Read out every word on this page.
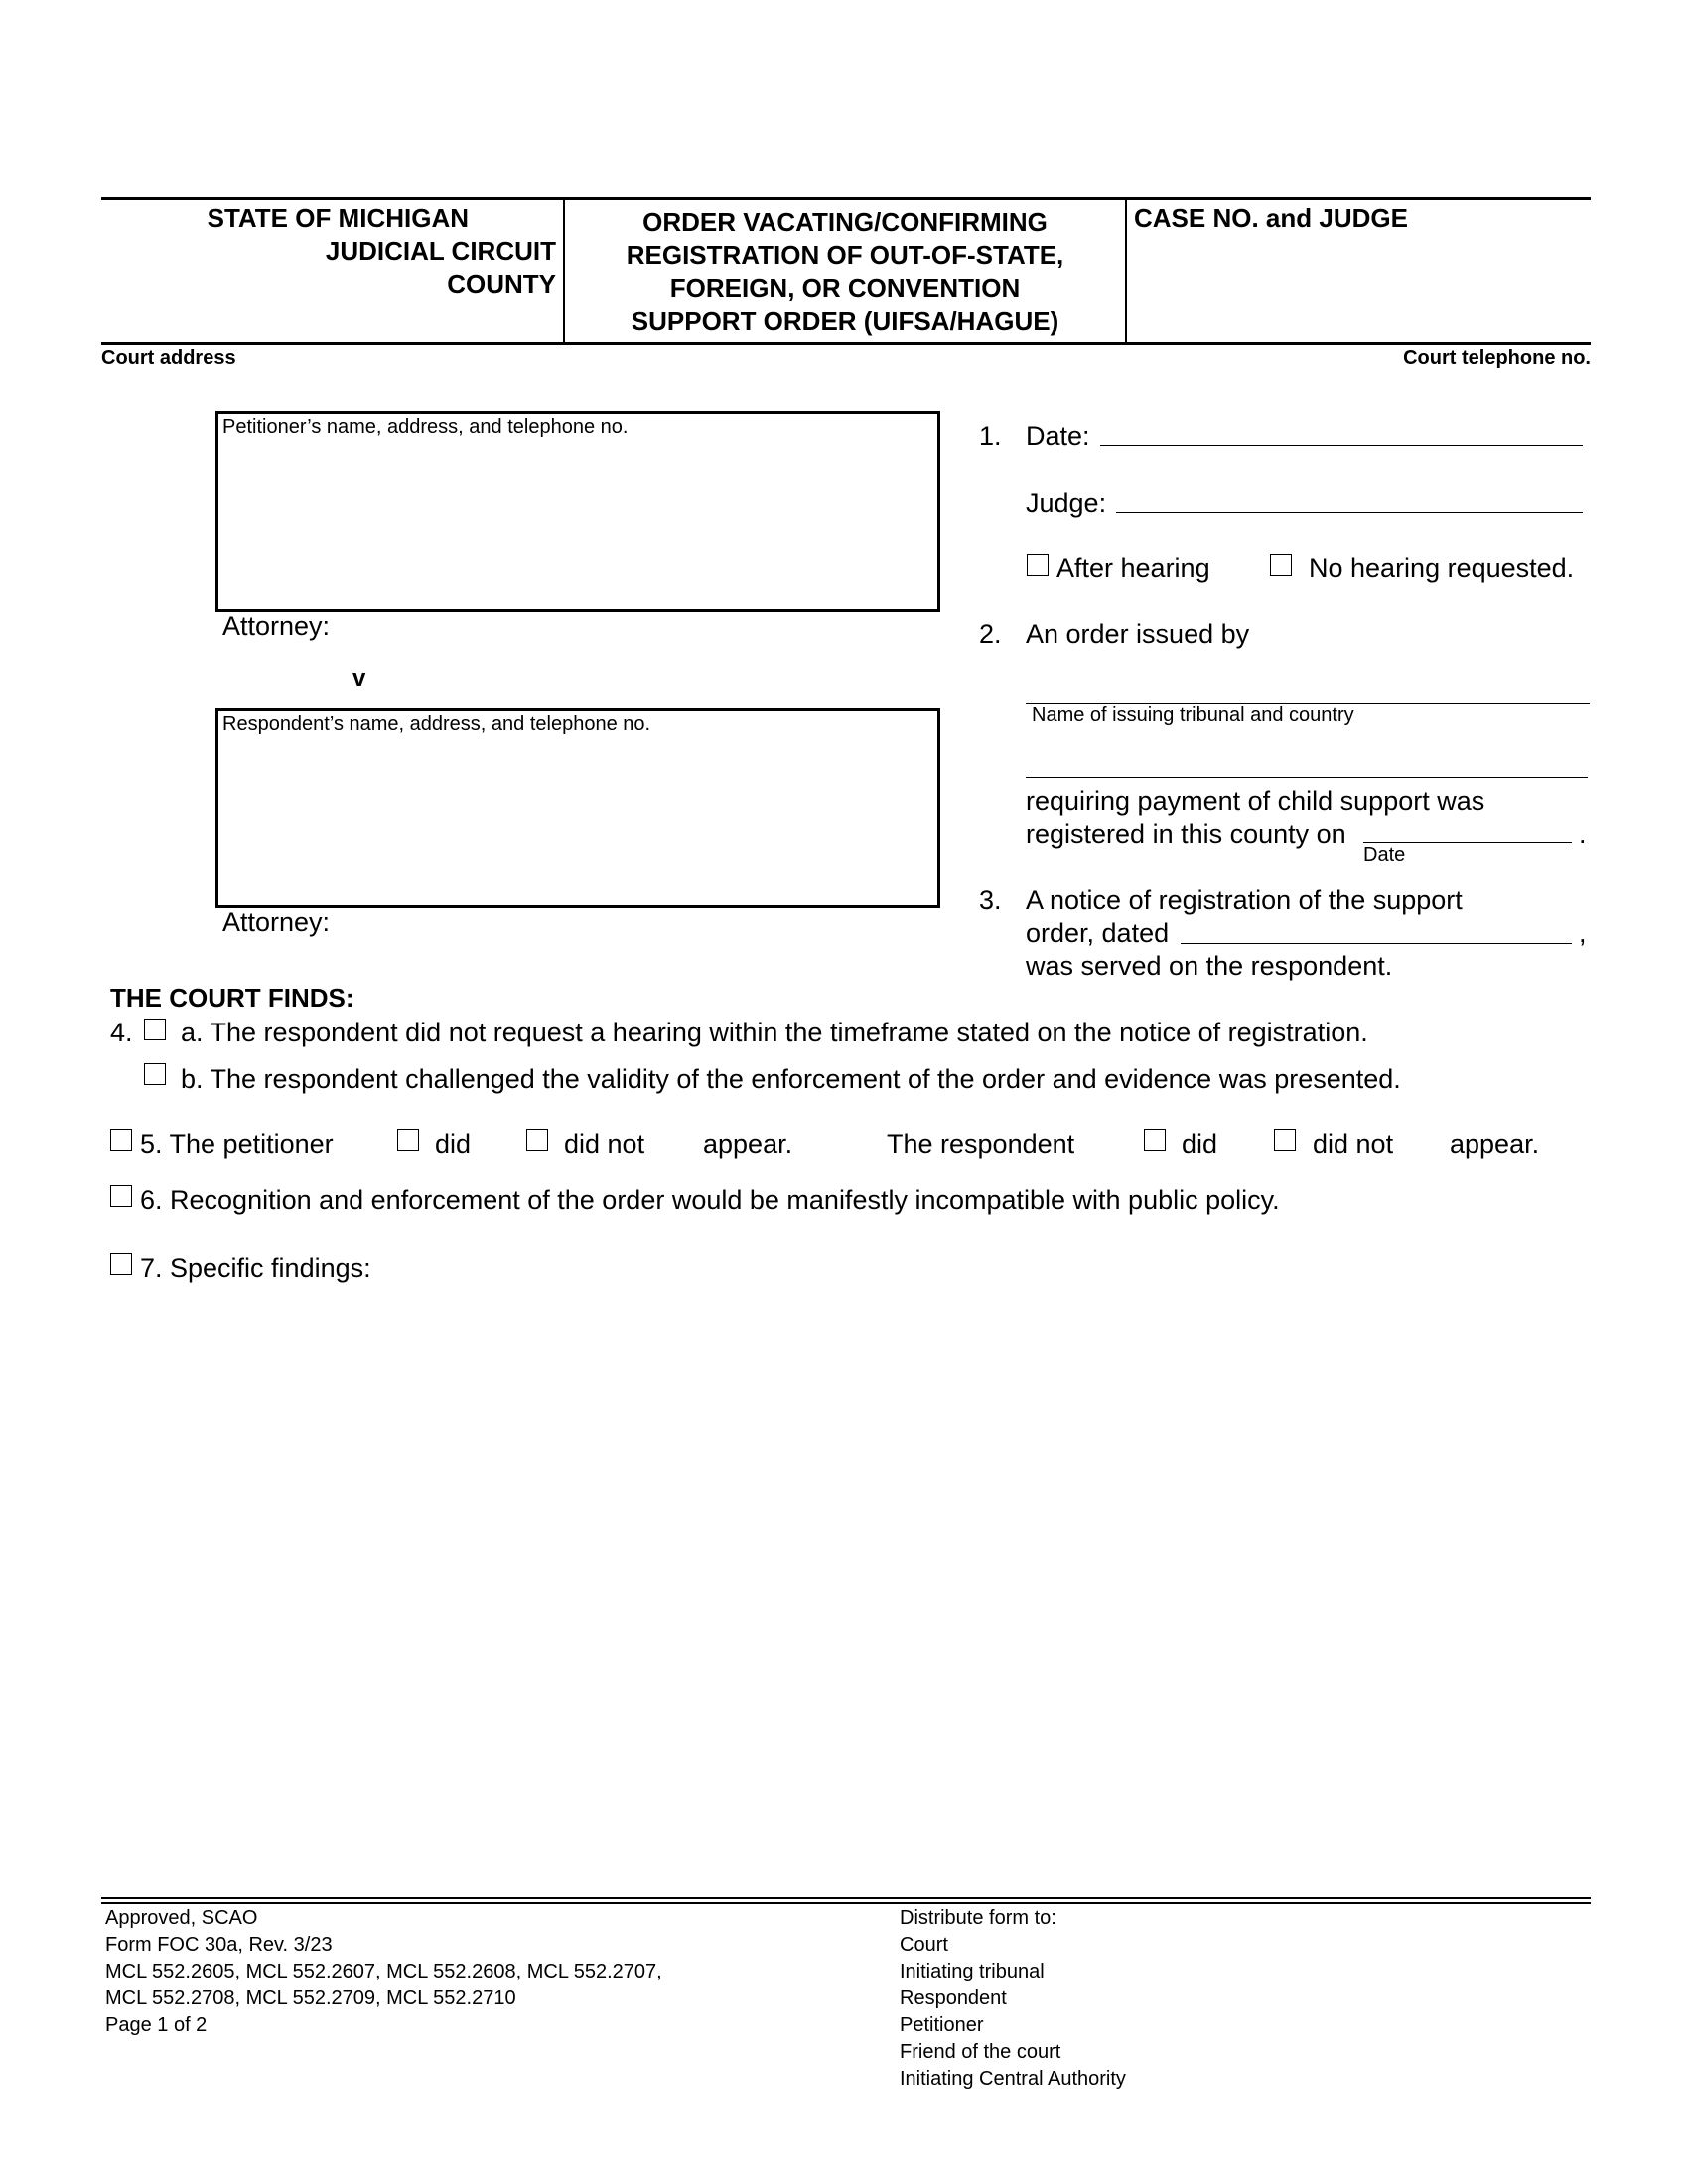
STATE OF MICHIGAN
JUDICIAL CIRCUIT
COUNTY
ORDER VACATING/CONFIRMING
REGISTRATION OF OUT-OF-STATE,
FOREIGN, OR CONVENTION
SUPPORT ORDER (UIFSA/HAGUE)
CASE NO. and JUDGE
Court address	Court telephone no.
Petitioner’s name, address, and telephone no.
Attorney:
v
Respondent’s name, address, and telephone no.
Attorney:
1. Date:
Judge:
After hearing	No hearing requested.
2. An order issued by
Name of issuing tribunal and country
requiring payment of child support was
registered in this county on	.
Date
3. A notice of registration of the support
order, dated	,
was served on the respondent.
THE COURT FINDS:
4. a. The respondent did not request a hearing within the timeframe stated on the notice of registration.
b. The respondent challenged the validity of the enforcement of the order and evidence was presented.
5. The petitioner	did	did not appear.	The respondent	did	did not appear.
6. Recognition and enforcement of the order would be manifestly incompatible with public policy.
7. Specific findings:
Approved, SCAO
Form FOC 30a, Rev. 3/23
MCL 552.2605, MCL 552.2607, MCL 552.2608, MCL 552.2707,
MCL 552.2708, MCL 552.2709, MCL 552.2710
Page 1 of 2
Distribute form to:
Court
Initiating tribunal
Respondent
Petitioner
Friend of the court
Initiating Central Authority
